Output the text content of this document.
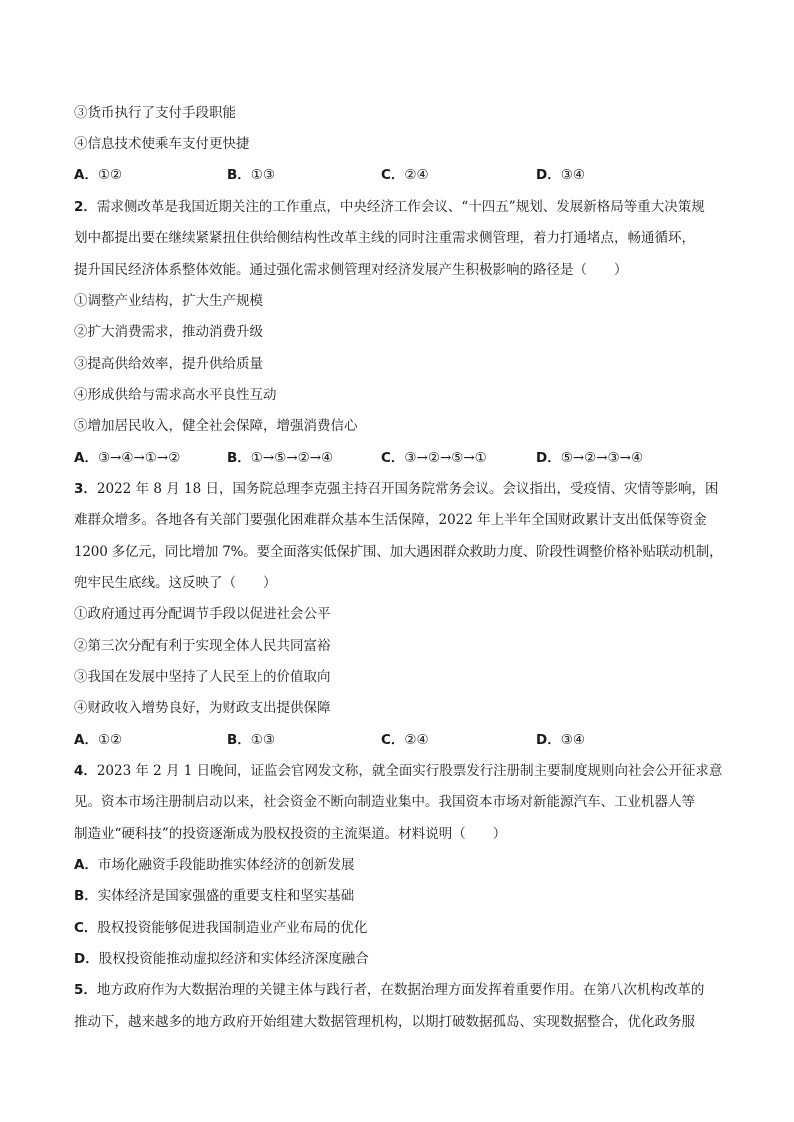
③货币执行了支付手段职能
④信息技术使乘车支付更快捷
A．①②	B．①③	C．②④	D．③④
2．需求侧改革是我国近期关注的工作重点，中央经济工作会议、“十四五”规划、发展新格局等重大决策规
划中都提出要在继续紧紧扭住供给侧结构性改革主线的同时注重需求侧管理，着力打通堵点，畅通循环，
提升国民经济体系整体效能。通过强化需求侧管理对经济发展产生积极影响的路径是（　　）
①调整产业结构，扩大生产规模
②扩大消费需求，推动消费升级
③提高供给效率，提升供给质量
④形成供给与需求高水平良性互动
⑤增加居民收入，健全社会保障，增强消费信心
A．③→④→①→②	B．①→⑤→②→④	C．③→②→⑤→①	D．⑤→②→③→④
3．2022 年 8 月 18 日，国务院总理李克强主持召开国务院常务会议。会议指出，受疫情、灾情等影响，困
难群众增多。各地各有关部门要强化困难群众基本生活保障，2022 年上半年全国财政累计支出低保等资金
1200 多亿元，同比增加 7%。要全面落实低保扩围、加大遇困群众救助力度、阶段性调整价格补贴联动机制，
兜牢民生底线。这反映了（　　）
①政府通过再分配调节手段以促进社会公平
②第三次分配有利于实现全体人民共同富裕
③我国在发展中坚持了人民至上的价值取向
④财政收入增势良好，为财政支出提供保障
A．①②	B．①③	C．②④	D．③④
4．2023 年 2 月 1 日晚间，证监会官网发文称，就全面实行股票发行注册制主要制度规则向社会公开征求意
见。资本市场注册制启动以来，社会资金不断向制造业集中。我国资本市场对新能源汽车、工业机器人等
制造业“硬科技”的投资逐渐成为股权投资的主流渠道。材料说明（　　）
A．市场化融资手段能助推实体经济的创新发展
B．实体经济是国家强盛的重要支柱和坚实基础
C．股权投资能够促进我国制造业产业布局的优化
D．股权投资能推动虚拟经济和实体经济深度融合
5．地方政府作为大数据治理的关键主体与践行者，在数据治理方面发挥着重要作用。在第八次机构改革的
推动下，越来越多的地方政府开始组建大数据管理机构，以期打破数据孤岛、实现数据整合，优化政务服
